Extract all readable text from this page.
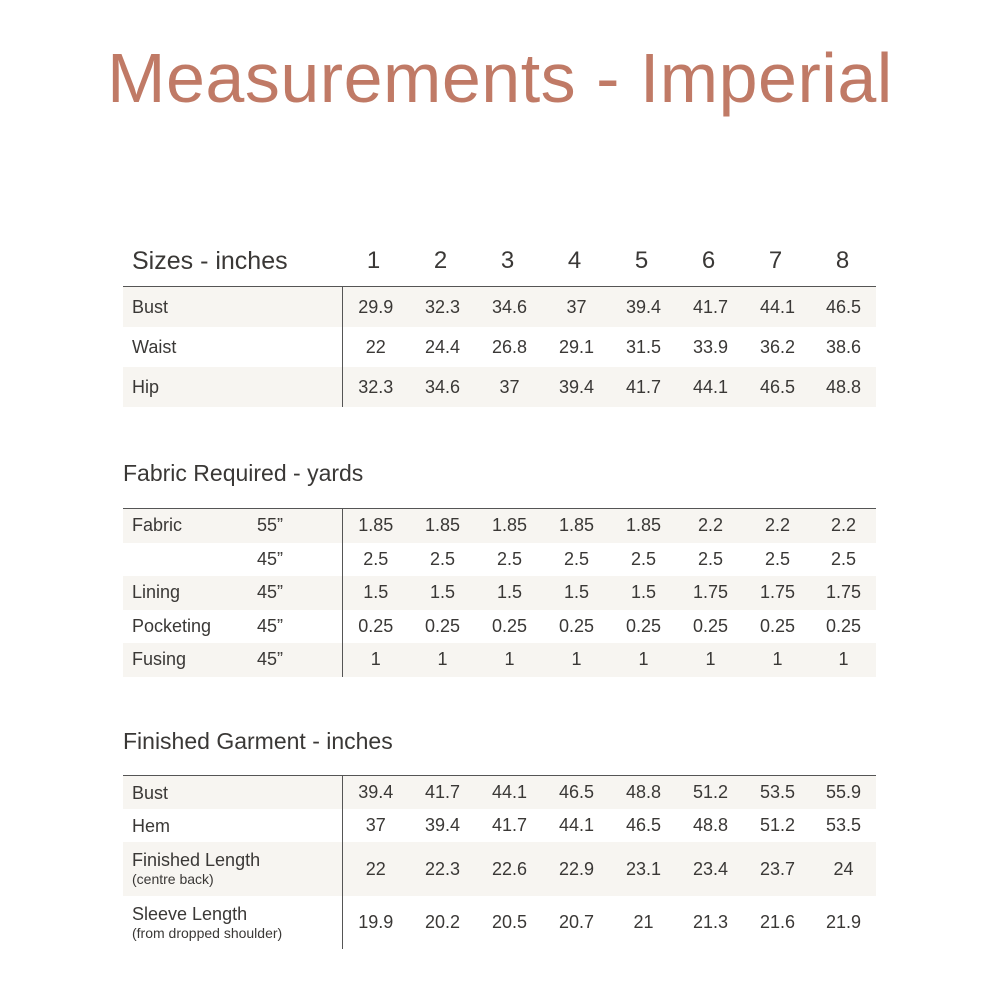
Measurements - Imperial
Sizes - inches	1	2	3	4	5	6	7	8
Bust	29.9	32.3	34.6	37	39.4	41.7	44.1	46.5
Waist	22	24.4	26.8	29.1	31.5	33.9	36.2	38.6
Hip	32.3	34.6	37	39.4	41.7	44.1	46.5	48.8
Fabric Required - yards
Fabric	55”	1.85	1.85	1.85	1.85	1.85	2.2	2.2	2.2
	45”	2.5	2.5	2.5	2.5	2.5	2.5	2.5	2.5
Lining	45”	1.5	1.5	1.5	1.5	1.5	1.75	1.75	1.75
Pocketing	45”	0.25	0.25	0.25	0.25	0.25	0.25	0.25	0.25
Fusing	45”	1	1	1	1	1	1	1	1
Finished Garment - inches
Bust	39.4	41.7	44.1	46.5	48.8	51.2	53.5	55.9

Hem	37	39.4	41.7	44.1	46.5	48.8	51.2	53.5

Finished Length
(centre back)	22	22.3	22.6	22.9	23.1	23.4	23.7	24

Sleeve Length
(from dropped shoulder)	19.9	20.2	20.5	20.7	21	21.3	21.6	21.9
